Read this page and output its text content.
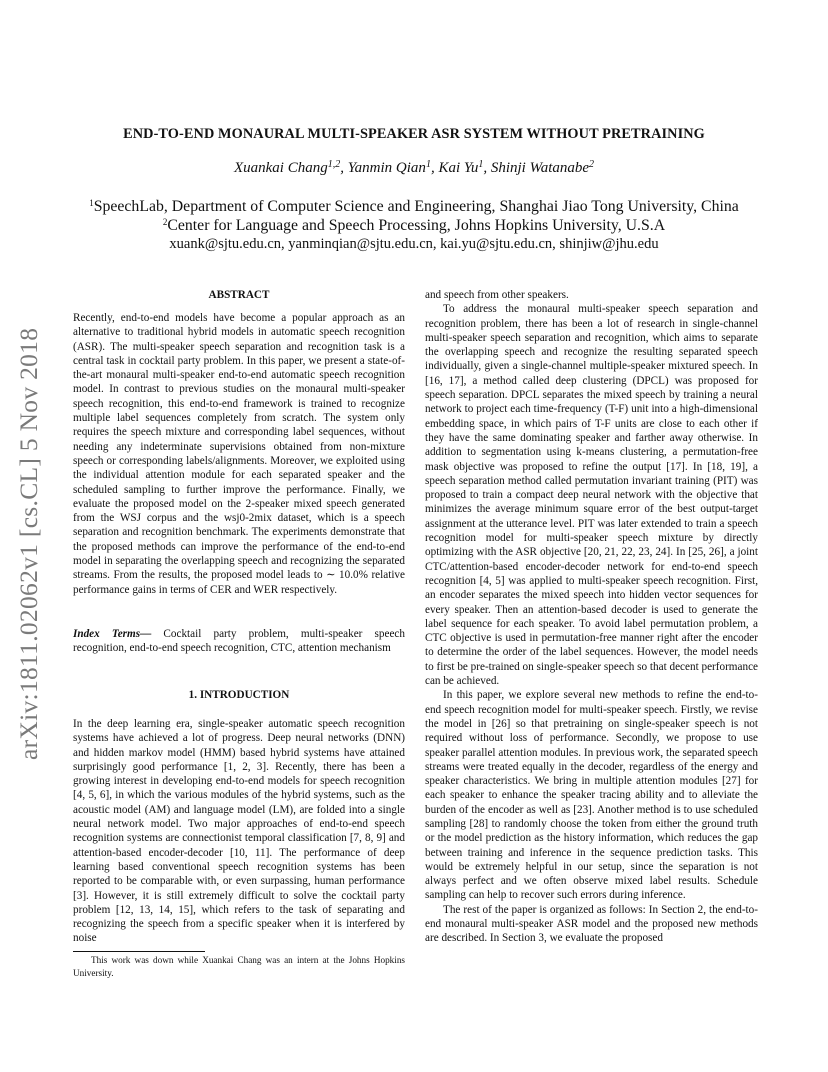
arXiv:1811.02062v1 [cs.CL] 5 Nov 2018
END-TO-END MONAURAL MULTI-SPEAKER ASR SYSTEM WITHOUT PRETRAINING
Xuankai Chang$^{1,2}$, Yanmin Qian$^1$, Kai Yu$^1$, Shinji Watanabe$^2$
$^1$SpeechLab, Department of Computer Science and Engineering, Shanghai Jiao Tong University, China
$^2$Center for Language and Speech Processing, Johns Hopkins University, U.S.A
xuank@sjtu.edu.cn, yanminqian@sjtu.edu.cn, kai.yu@sjtu.edu.cn, shinjiw@jhu.edu
ABSTRACT
Recently, end-to-end models have become a popular approach as an alternative to traditional hybrid models in automatic speech recognition (ASR). The multi-speaker speech separation and recognition task is a central task in cocktail party problem. In this paper, we present a state-of-the-art monaural multi-speaker end-to-end automatic speech recognition model. In contrast to previous studies on the monaural multi-speaker speech recognition, this end-to-end framework is trained to recognize multiple label sequences completely from scratch. The system only requires the speech mixture and corresponding label sequences, without needing any indeterminate supervisions obtained from non-mixture speech or corresponding labels/alignments. Moreover, we exploited using the individual attention module for each separated speaker and the scheduled sampling to further improve the performance. Finally, we evaluate the proposed model on the 2-speaker mixed speech generated from the WSJ corpus and the wsj0-2mix dataset, which is a speech separation and recognition benchmark. The experiments demonstrate that the proposed methods can improve the performance of the end-to-end model in separating the overlapping speech and recognizing the separated streams. From the results, the proposed model leads to ∼ 10.0% relative performance gains in terms of CER and WER respectively.
Index Terms— Cocktail party problem, multi-speaker speech recognition, end-to-end speech recognition, CTC, attention mechanism
1. INTRODUCTION
In the deep learning era, single-speaker automatic speech recognition systems have achieved a lot of progress. Deep neural networks (DNN) and hidden markov model (HMM) based hybrid systems have attained surprisingly good performance [1, 2, 3]. Recently, there has been a growing interest in developing end-to-end models for speech recognition [4, 5, 6], in which the various modules of the hybrid systems, such as the acoustic model (AM) and language model (LM), are folded into a single neural network model. Two major approaches of end-to-end speech recognition systems are connectionist temporal classification [7, 8, 9] and attention-based encoder-decoder [10, 11]. The performance of deep learning based conventional speech recognition systems has been reported to be comparable with, or even surpassing, human performance [3]. However, it is still extremely difficult to solve the cocktail party problem [12, 13, 14, 15], which refers to the task of separating and recognizing the speech from a specific speaker when it is interfered by noise
This work was down while Xuankai Chang was an intern at the Johns Hopkins University.

and speech from other speakers.

To address the monaural multi-speaker speech separation and recognition problem, there has been a lot of research in single-channel multi-speaker speech separation and recognition, which aims to separate the overlapping speech and recognize the resulting separated speech individually, given a single-channel multiple-speaker mixtured speech. In [16, 17], a method called deep clustering (DPCL) was proposed for speech separation. DPCL separates the mixed speech by training a neural network to project each time-frequency (T-F) unit into a high-dimensional embedding space, in which pairs of T-F units are close to each other if they have the same dominating speaker and farther away otherwise. In addition to segmentation using k-means clustering, a permutation-free mask objective was proposed to refine the output [17]. In [18, 19], a speech separation method called permutation invariant training (PIT) was proposed to train a compact deep neural network with the objective that minimizes the average minimum square error of the best output-target assignment at the utterance level. PIT was later extended to train a speech recognition model for multi-speaker speech mixture by directly optimizing with the ASR objective [20, 21, 22, 23, 24]. In [25, 26], a joint CTC/attention-based encoder-decoder network for end-to-end speech recognition [4, 5] was applied to multi-speaker speech recognition. First, an encoder separates the mixed speech into hidden vector sequences for every speaker. Then an attention-based decoder is used to generate the label sequence for each speaker. To avoid label permutation problem, a CTC objective is used in permutation-free manner right after the encoder to determine the order of the label sequences. However, the model needs to first be pre-trained on single-speaker speech so that decent performance can be achieved.

In this paper, we explore several new methods to refine the end-to-end speech recognition model for multi-speaker speech. Firstly, we revise the model in [26] so that pretraining on single-speaker speech is not required without loss of performance. Secondly, we propose to use speaker parallel attention modules. In previous work, the separated speech streams were treated equally in the decoder, regardless of the energy and speaker characteristics. We bring in multiple attention modules [27] for each speaker to enhance the speaker tracing ability and to alleviate the burden of the encoder as well as [23]. Another method is to use scheduled sampling [28] to randomly choose the token from either the ground truth or the model prediction as the history information, which reduces the gap between training and inference in the sequence prediction tasks. This would be extremely helpful in our setup, since the separation is not always perfect and we often observe mixed label results. Schedule sampling can help to recover such errors during inference.

The rest of the paper is organized as follows: In Section 2, the end-to-end monaural multi-speaker ASR model and the proposed new methods are described. In Section 3, we evaluate the proposed
